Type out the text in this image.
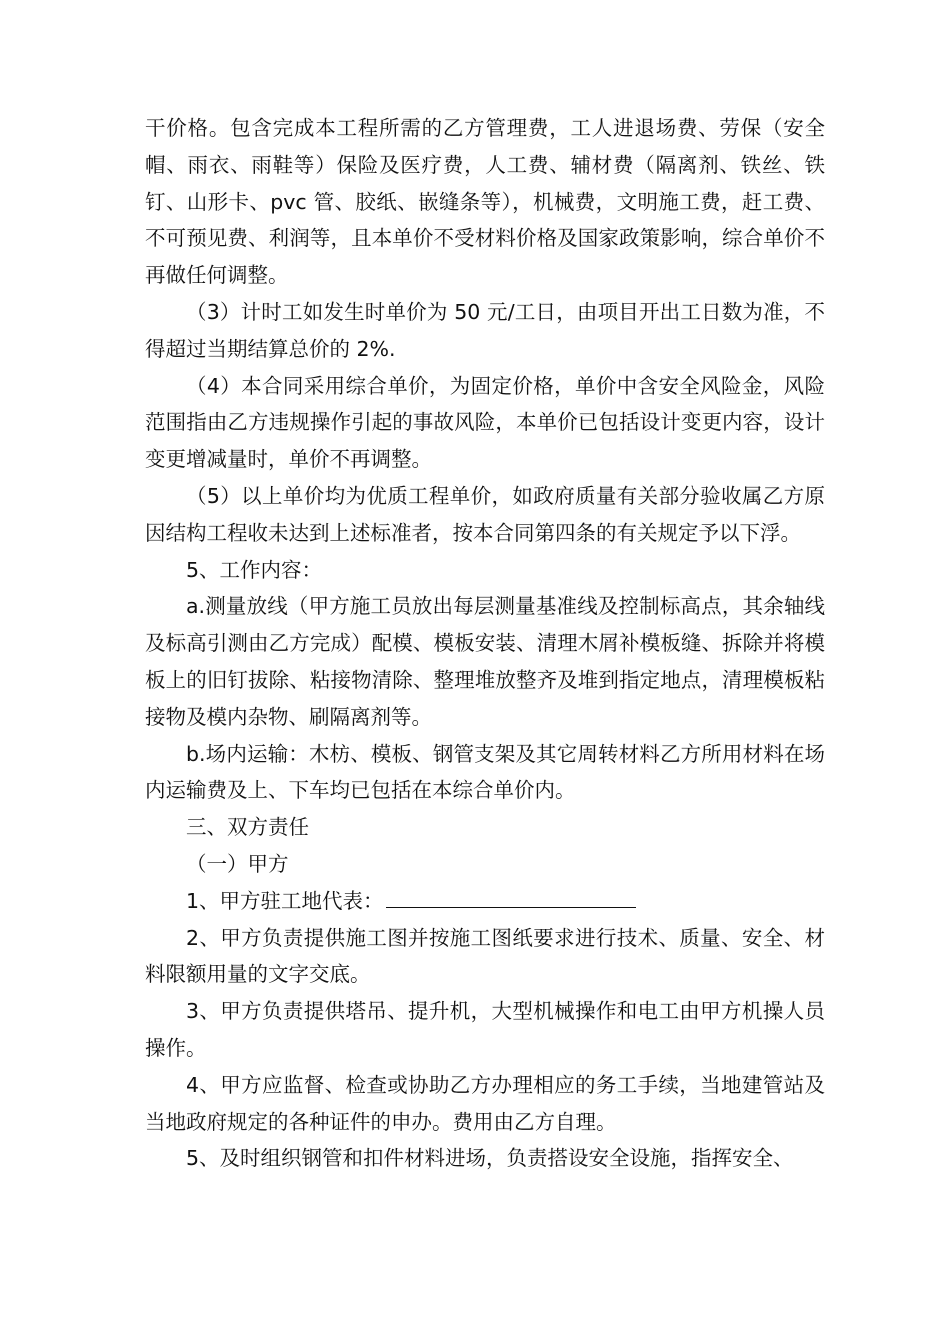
干价格。包含完成本工程所需的乙方管理费，工人进退场费、劳保（安全帽、雨衣、雨鞋等）保险及医疗费，人工费、辅材费（隔离剂、铁丝、铁钉、山形卡、pvc 管、胶纸、嵌缝条等），机械费，文明施工费，赶工费、不可预见费、利润等，且本单价不受材料价格及国家政策影响，综合单价不再做任何调整。

（3）计时工如发生时单价为 50 元/工日，由项目开出工日数为准，不得超过当期结算总价的 2%.

（4）本合同采用综合单价，为固定价格，单价中含安全风险金，风险范围指由乙方违规操作引起的事故风险，本单价已包括设计变更内容，设计变更增减量时，单价不再调整。

（5）以上单价均为优质工程单价，如政府质量有关部分验收属乙方原因结构工程收未达到上述标准者，按本合同第四条的有关规定予以下浮。

5、工作内容：

a.测量放线（甲方施工员放出每层测量基准线及控制标高点，其余轴线及标高引测由乙方完成）配模、模板安装、清理木屑补模板缝、拆除并将模板上的旧钉拔除、粘接物清除、整理堆放整齐及堆到指定地点，清理模板粘接物及模内杂物、刷隔离剂等。

b.场内运输：木枋、模板、钢管支架及其它周转材料乙方所用材料在场内运输费及上、下车均已包括在本综合单价内。

三、双方责任

（一）甲方

1、甲方驻工地代表：

2、甲方负责提供施工图并按施工图纸要求进行技术、质量、安全、材料限额用量的文字交底。

3、甲方负责提供塔吊、提升机，大型机械操作和电工由甲方机操人员操作。

4、甲方应监督、检查或协助乙方办理相应的务工手续，当地建管站及当地政府规定的各种证件的申办。费用由乙方自理。

5、及时组织钢管和扣件材料进场，负责搭设安全设施，指挥安全、
